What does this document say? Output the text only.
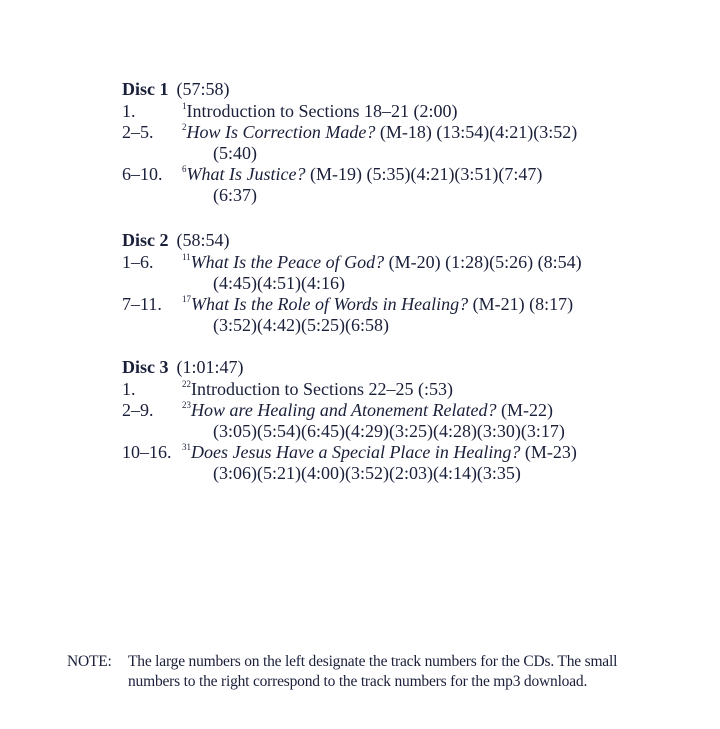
Disc 1 (57:58)
1.	$^1$Introduction to Sections 18–21 (2:00)
2–5.	$^2$How Is Correction Made? (M-18) (13:54)(4:21)(3:52)
(5:40)
6–10. $^6$What Is Justice? (M-19) (5:35)(4:21)(3:51)(7:47)
(6:37)
Disc 2 (58:54)
1–6.	$^{11}$What Is the Peace of God? (M-20) (1:28)(5:26) (8:54)
(4:45)(4:51)(4:16)
7–11. $^{17}$What Is the Role of Words in Healing? (M-21) (8:17)
(3:52)(4:42)(5:25)(6:58)
Disc 3 (1:01:47)
1.	$^{22}$Introduction to Sections 22–25 (:53)
2–9.	$^{23}$How are Healing and Atonement Related? (M-22)
(3:05)(5:54)(6:45)(4:29)(3:25)(4:28)(3:30)(3:17)
10–16. $^{31}$Does Jesus Have a Special Place in Healing? (M-23)
(3:06)(5:21)(4:00)(3:52)(2:03)(4:14)(3:35)
NOTE: The large numbers on the left designate the track numbers for the CDs. The small
numbers to the right correspond to the track numbers for the mp3 download.
